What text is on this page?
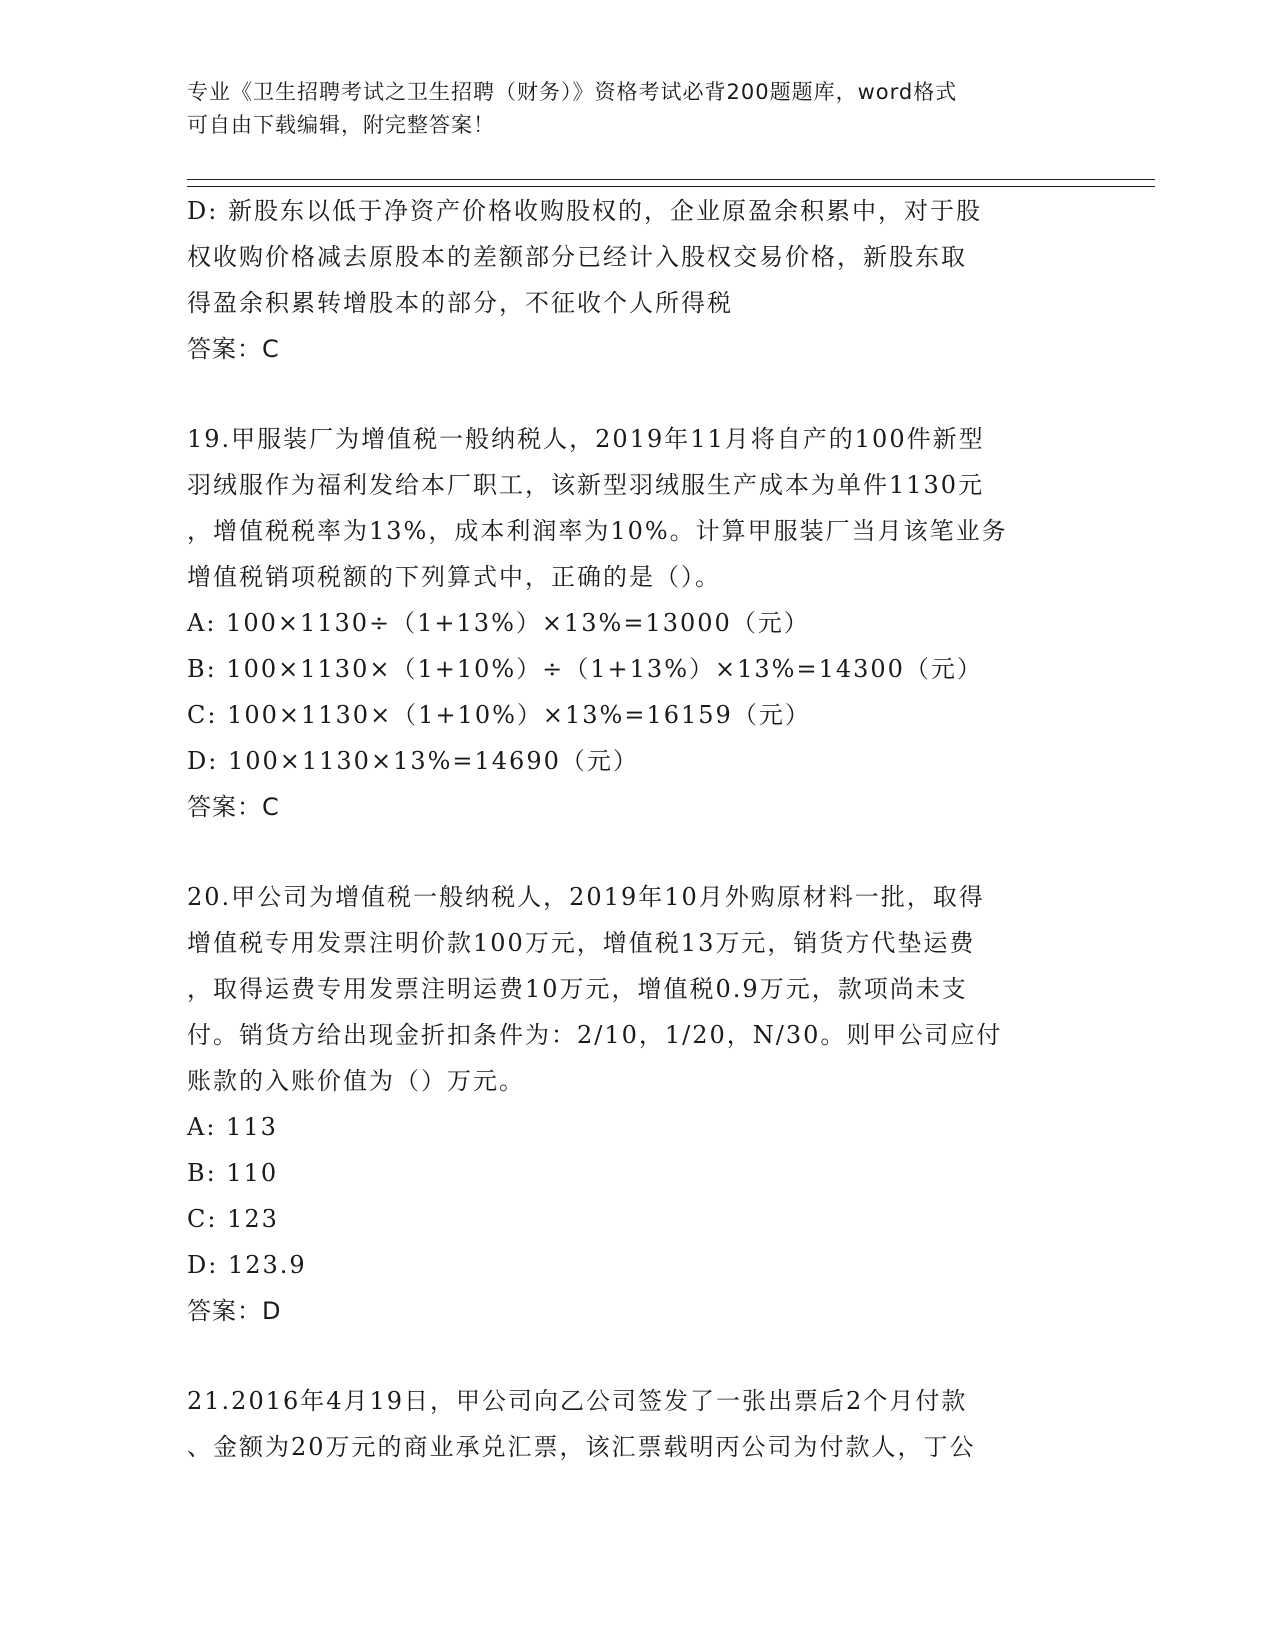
专业《卫生招聘考试之卫生招聘（财务）》资格考试必背200题题库，word格式
可自由下载编辑，附完整答案！
D: 新股东以低于净资产价格收购股权的，企业原盈余积累中，对于股
权收购价格减去原股本的差额部分已经计入股权交易价格，新股东取
得盈余积累转增股本的部分，不征收个人所得税
答案：C
19.甲服装厂为增值税一般纳税人，2019年11月将自产的100件新型
羽绒服作为福利发给本厂职工，该新型羽绒服生产成本为单件1130元
，增值税税率为13%，成本利润率为10%。计算甲服装厂当月该笔业务
增值税销项税额的下列算式中，正确的是（）。
A: 100×1130÷（1+13%）×13%=13000（元）
B: 100×1130×（1+10%）÷（1+13%）×13%=14300（元）
C: 100×1130×（1+10%）×13%=16159（元）
D: 100×1130×13%=14690（元）
答案：C
20.甲公司为增值税一般纳税人，2019年10月外购原材料一批，取得
增值税专用发票注明价款100万元，增值税13万元，销货方代垫运费
，取得运费专用发票注明运费10万元，增值税0.9万元，款项尚未支
付。销货方给出现金折扣条件为：2/10，1/20，N/30。则甲公司应付
账款的入账价值为（）万元。
A: 113
B: 110
C: 123
D: 123.9
答案：D
21.2016年4月19日，甲公司向乙公司签发了一张出票后2个月付款
、金额为20万元的商业承兑汇票，该汇票载明丙公司为付款人，丁公
